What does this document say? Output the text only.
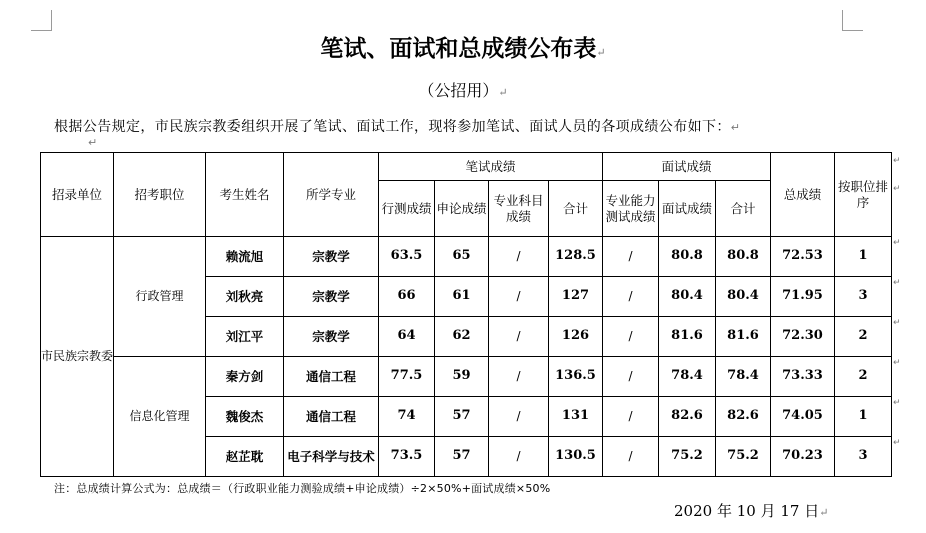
笔试、面试和总成绩公布表↵
（公招用）↵
根据公告规定，市民族宗教委组织开展了笔试、面试工作，现将参加笔试、面试人员的各项成绩公布如下：↵
↵
招录单位	招考职位	考生姓名	所学专业	笔试成绩				面试成绩			总成绩	按职位排序
				行测成绩	申论成绩	专业科目成绩	合计	专业能力测试成绩	面试成绩	合计		
市民族宗教委	行政管理	赖流旭	宗教学	63.5	65	/	128.5	/	80.8	80.8	72.53	1
		刘秋亮	宗教学	66	61	/	127	/	80.4	80.4	71.95	3
		刘江平	宗教学	64	62	/	126	/	81.6	81.6	72.30	2
	信息化管理	秦方剑	通信工程	77.5	59	/	136.5	/	78.4	78.4	73.33	2
		魏俊杰	通信工程	74	57	/	131	/	82.6	82.6	74.05	1
		赵芷耽	电子科学与技术	73.5	57	/	130.5	/	75.2	75.2	70.23	3
↵
↵
↵
↵
↵
↵
↵
↵
注：总成绩计算公式为：总成绩＝（行政职业能力测验成绩+申论成绩）÷2×50%+面试成绩×50%
2020 年 10 月 17 日↵
